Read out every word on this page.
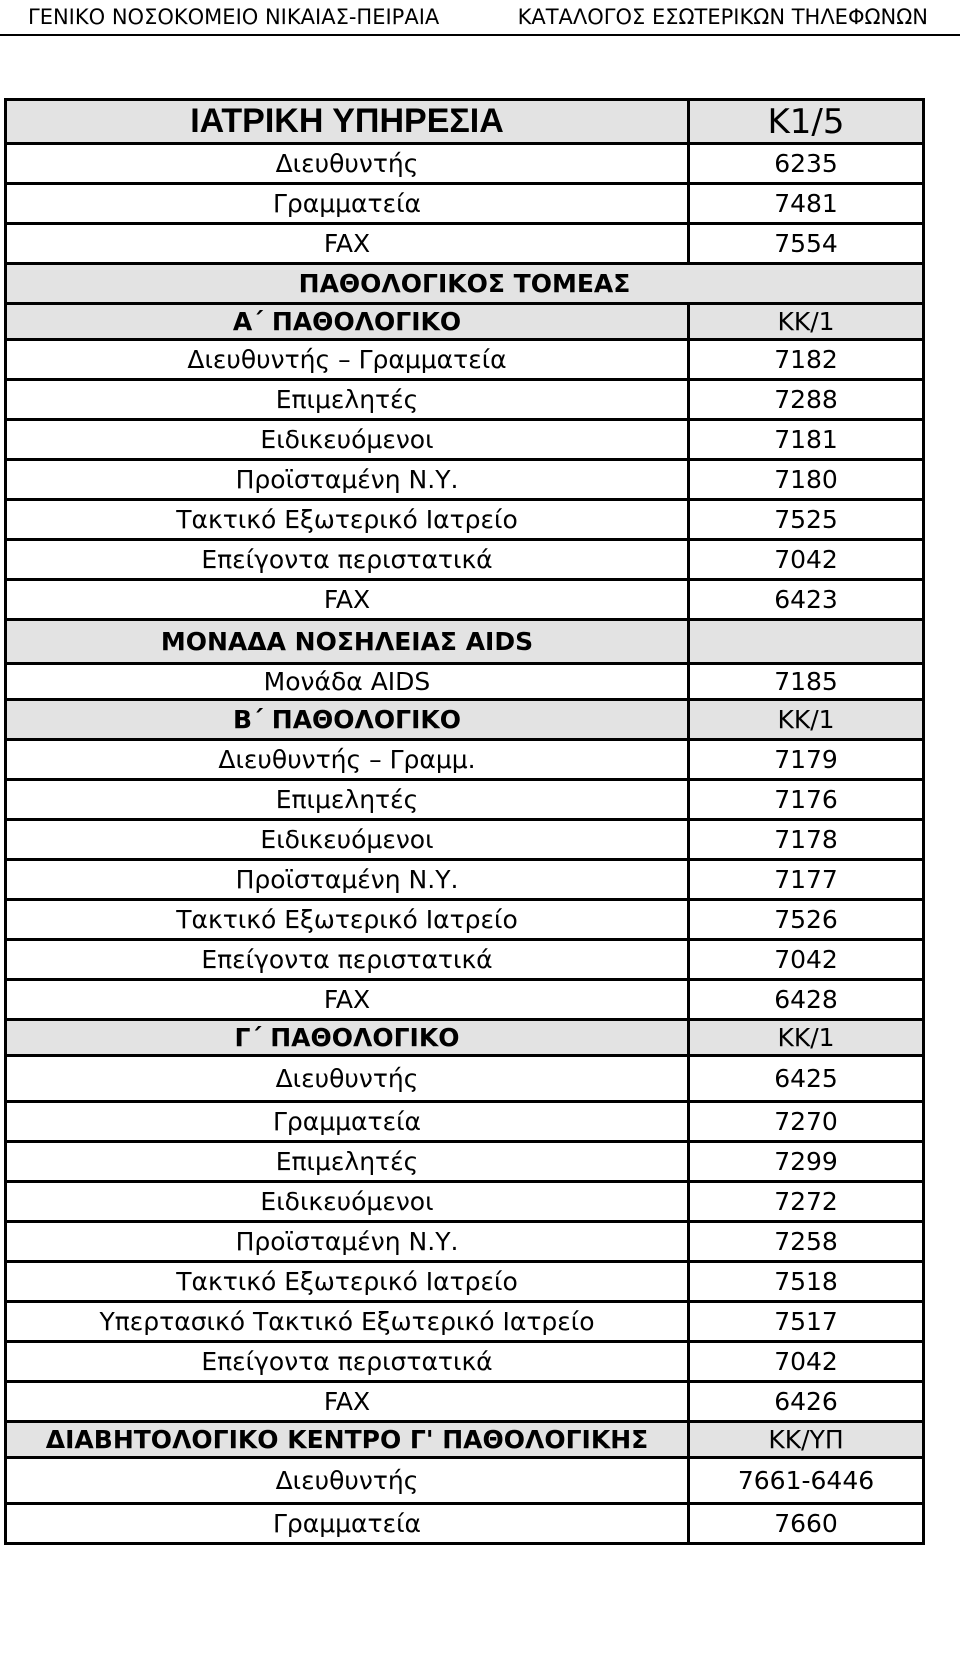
ΓΕΝΙΚΟ ΝΟΣΟΚΟΜΕΙΟ ΝΙΚΑΙΑΣ-ΠΕΙΡΑΙΑ	ΚΑΤΑΛΟΓΟΣ ΕΣΩΤΕΡΙΚΩΝ ΤΗΛΕΦΩΝΩΝ
ΙΑΤΡΙΚΗ ΥΠΗΡΕΣΙΑ	Κ1/5
Διευθυντής	6235
Γραμματεία	7481
FAX	7554
ΠΑΘΟΛΟΓΙΚΟΣ ΤΟΜΕΑΣ	
Α΄ ΠΑΘΟΛΟΓΙΚΟ	ΚΚ/1
Διευθυντής – Γραμματεία	7182
Επιμελητές	7288
Ειδικευόμενοι	7181
Προϊσταμένη Ν.Υ.	7180
Τακτικό Εξωτερικό Ιατρείο	7525
Επείγοντα περιστατικά	7042
FAX	6423
ΜΟΝΑΔΑ ΝΟΣΗΛΕΙΑΣ AIDS	
Μονάδα AIDS	7185
Β΄ ΠΑΘΟΛΟΓΙΚΟ	ΚΚ/1
Διευθυντής – Γραμμ.	7179
Επιμελητές	7176
Ειδικευόμενοι	7178
Προϊσταμένη Ν.Υ.	7177
Τακτικό Εξωτερικό Ιατρείο	7526
Επείγοντα περιστατικά	7042
FAX	6428
Γ΄ ΠΑΘΟΛΟΓΙΚΟ	ΚΚ/1
Διευθυντής	6425
Γραμματεία	7270
Επιμελητές	7299
Ειδικευόμενοι	7272
Προϊσταμένη Ν.Υ.	7258
Τακτικό Εξωτερικό Ιατρείο	7518
Υπερτασικό Τακτικό Εξωτερικό Ιατρείο	7517
Επείγοντα περιστατικά	7042
FAX	6426
ΔΙΑΒΗΤΟΛΟΓΙΚΟ ΚΕΝΤΡΟ Γ' ΠΑΘΟΛΟΓΙΚΗΣ	ΚΚ/ΥΠ
Διευθυντής	7661-6446
Γραμματεία	7660
